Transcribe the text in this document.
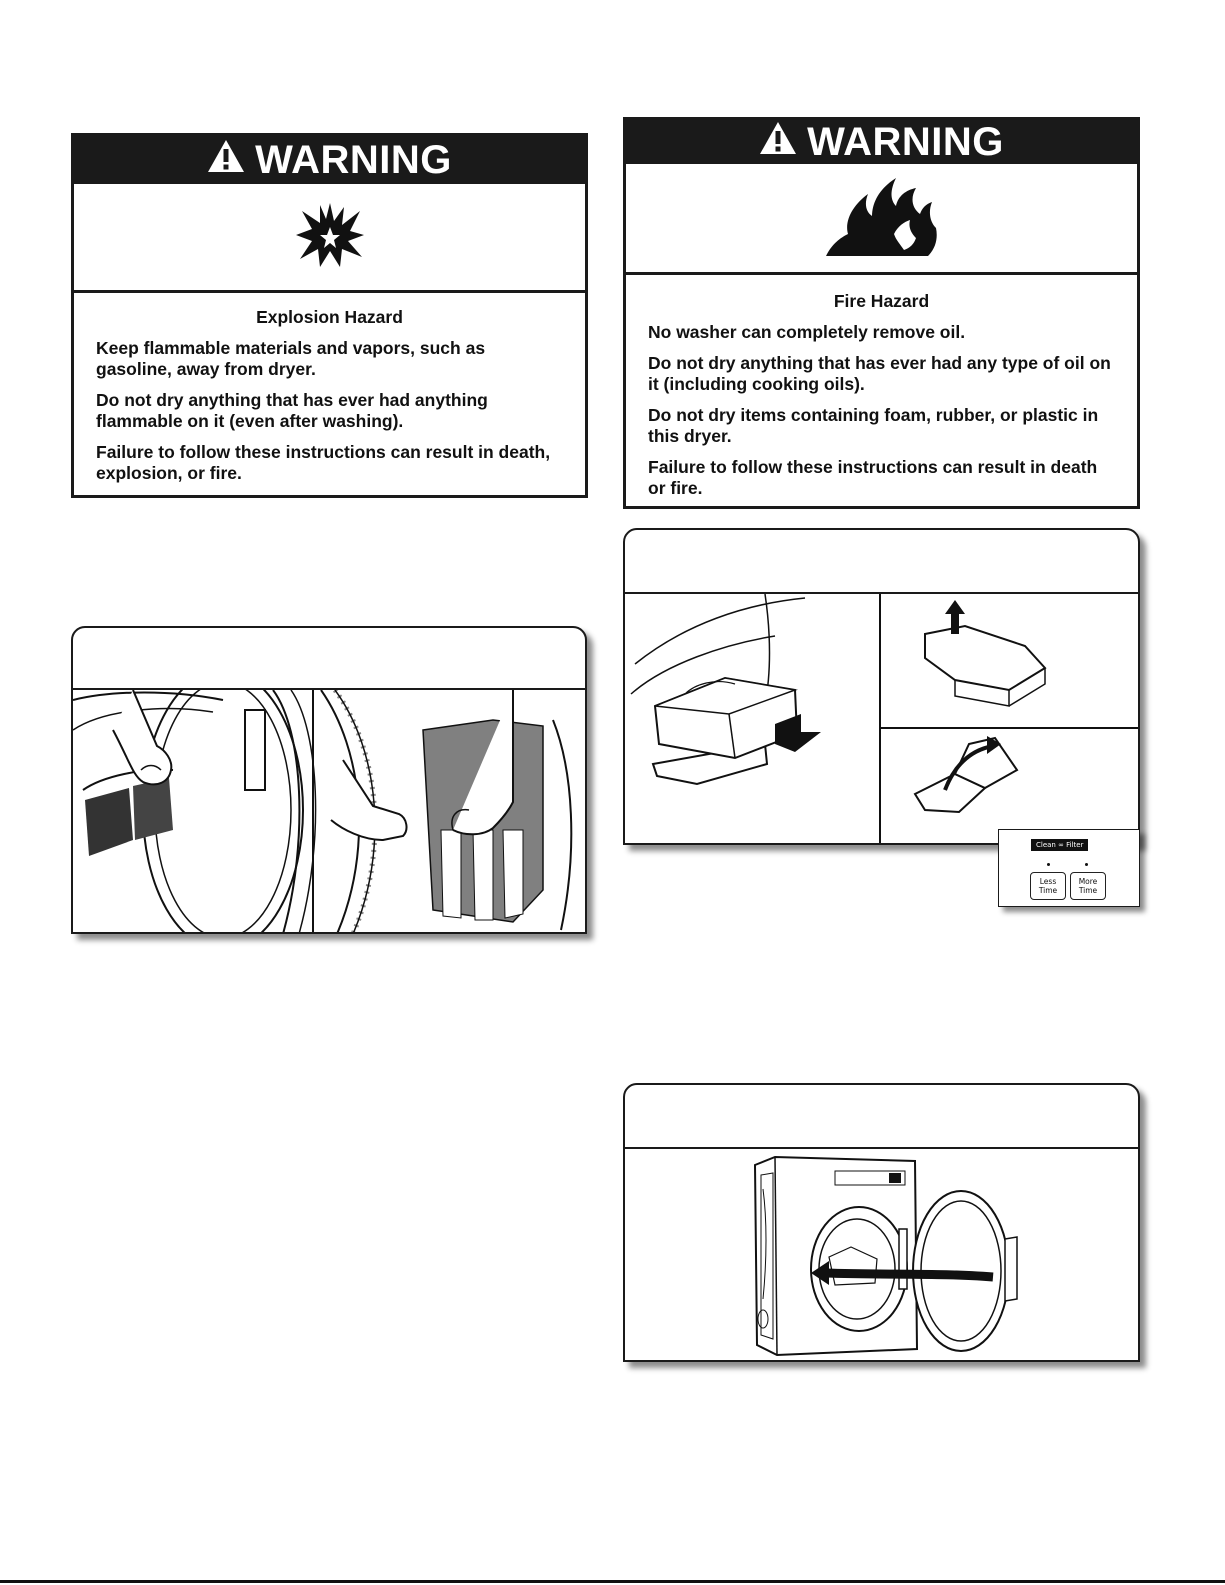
WARNING
Explosion Hazard

Keep flammable materials and vapors, such as gasoline, away from dryer.

Do not dry anything that has ever had anything flammable on it (even after washing).

Failure to follow these instructions can result in death, explosion, or fire.

WARNING
Fire Hazard

No washer can completely remove oil.

Do not dry anything that has ever had any type of oil on it (including cooking oils).

Do not dry items containing foam, rubber, or plastic in this dryer.

Failure to follow these instructions can result in death or fire.

Clean ∞ Filter
Less
Time
More
Time
